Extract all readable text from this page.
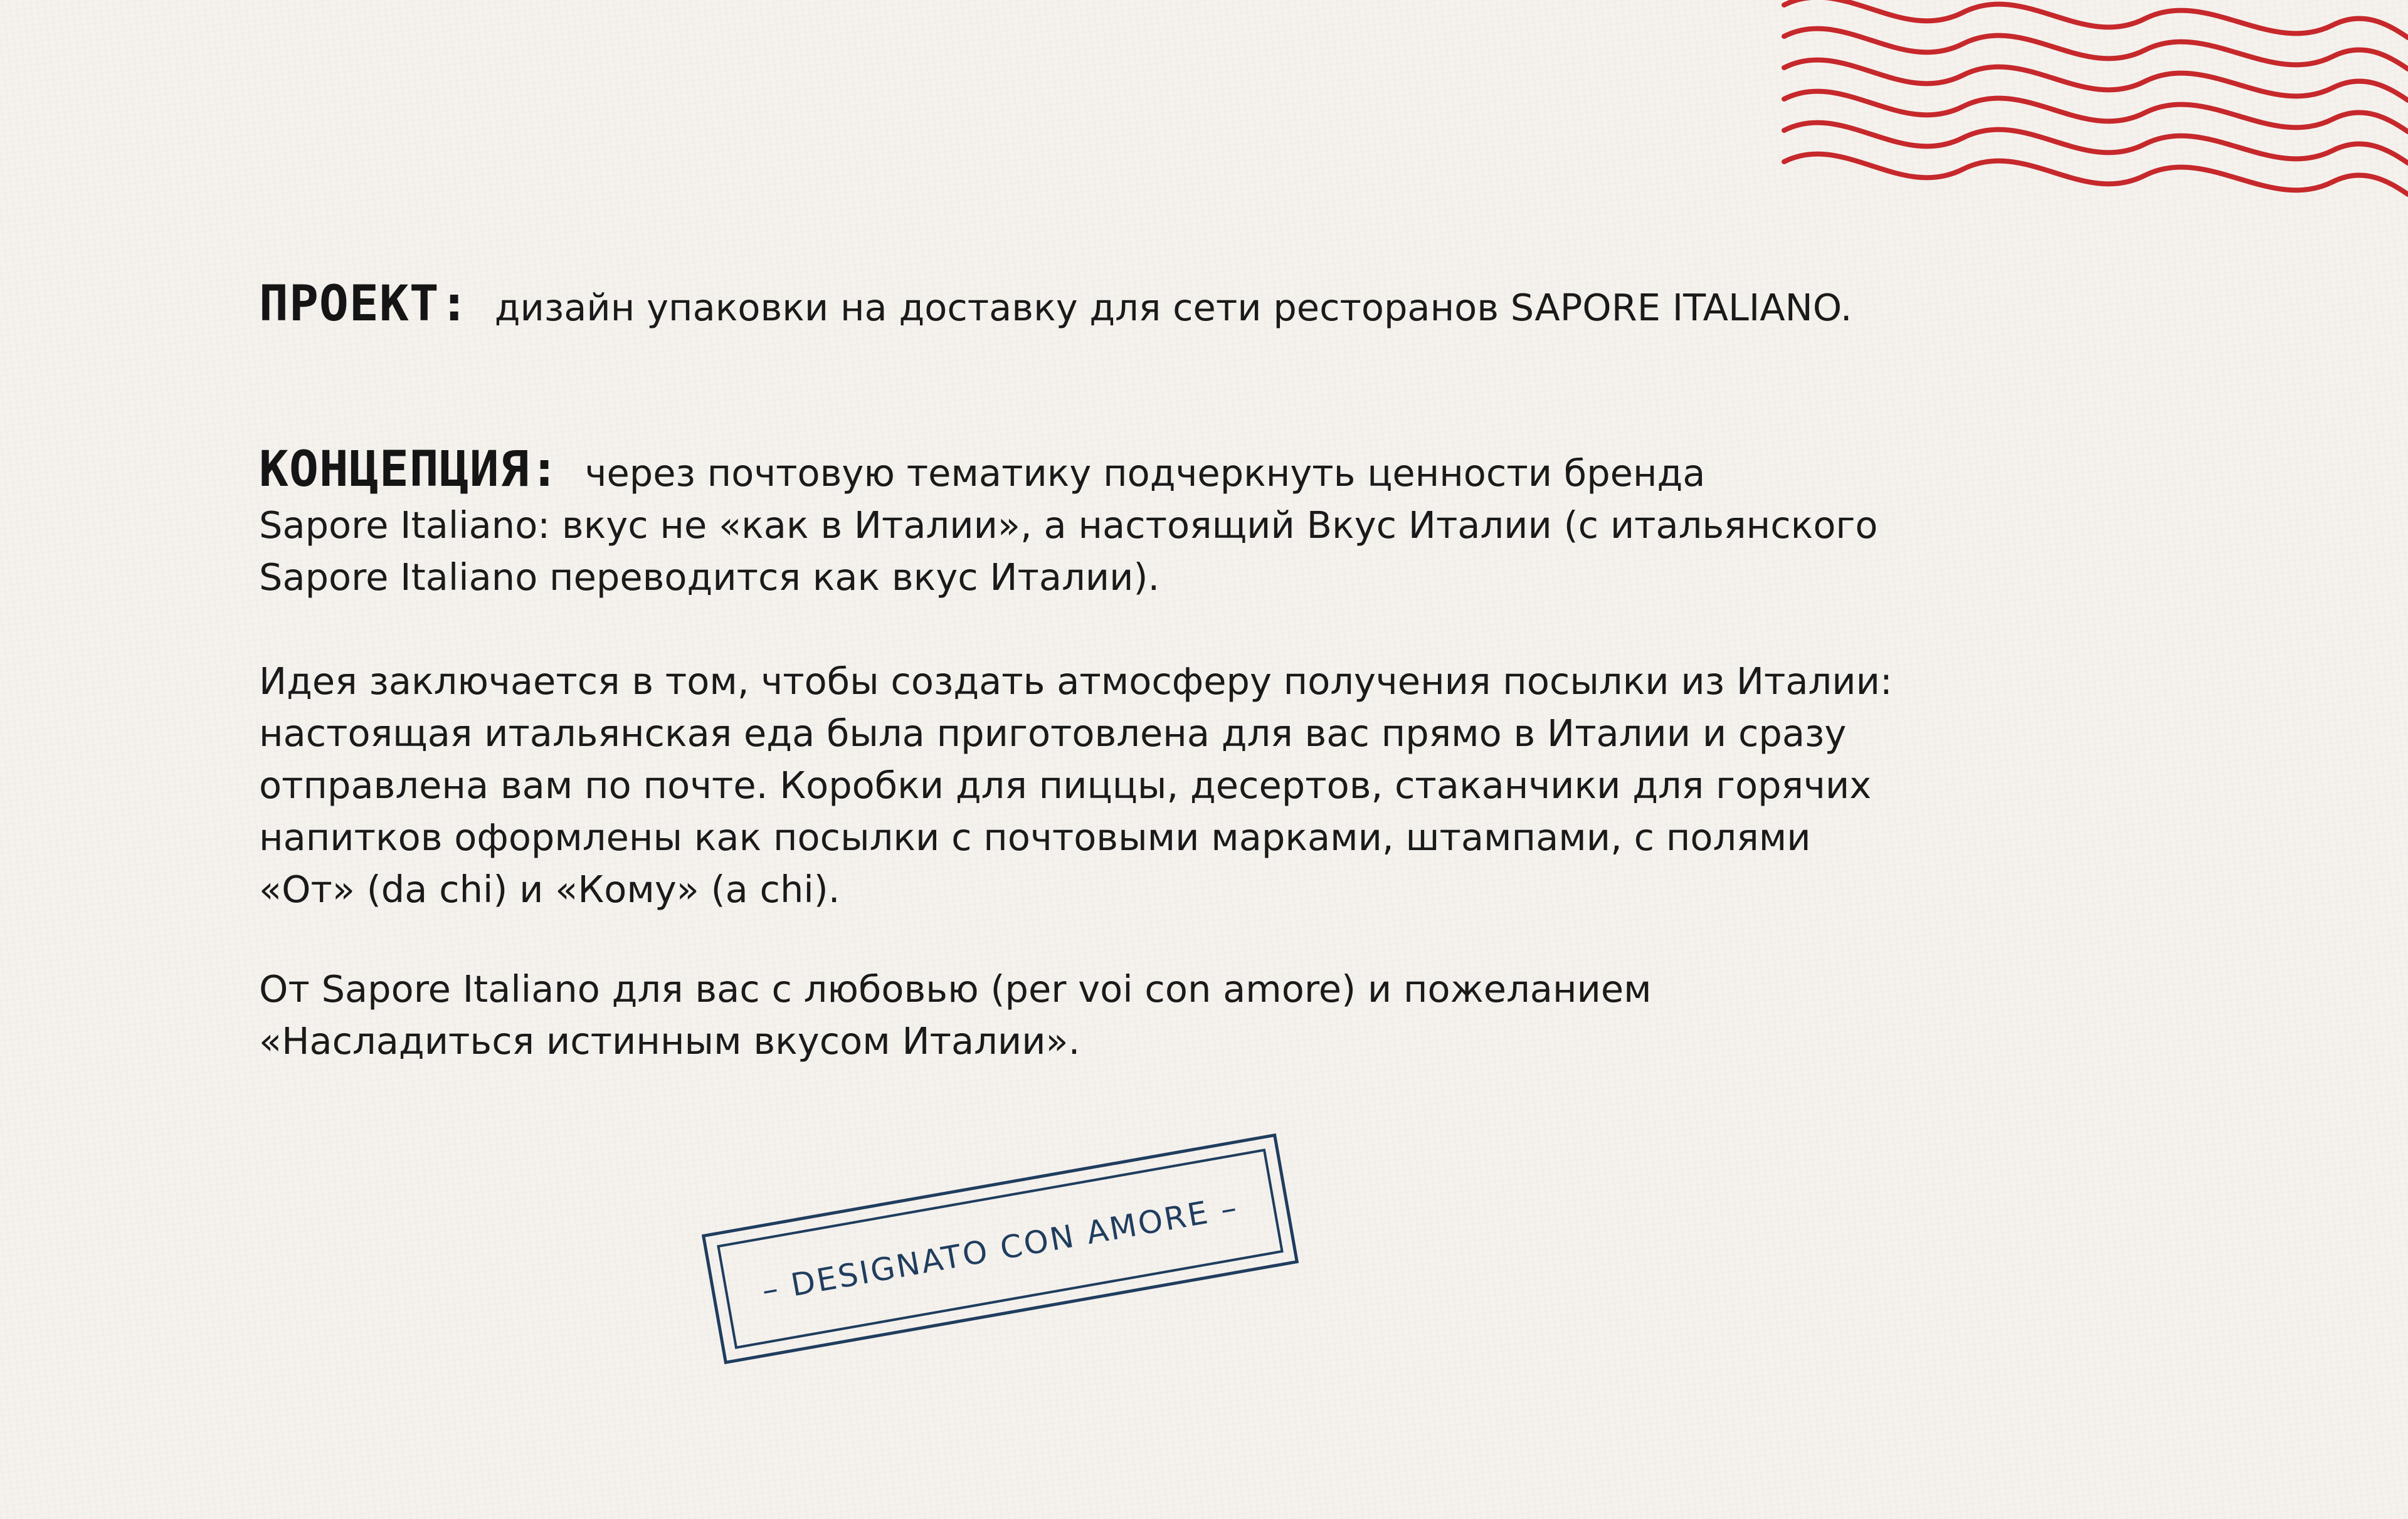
ПРОЕКТ: дизайн упаковки на доставку для сети ресторанов SAPORE ITALIANO.

КОНЦЕПЦИЯ: через почтовую тематику подчеркнуть ценности бренда

Sapore Italiano: вкус не «как в Италии», а настоящий Вкус Италии (с итальянского

Sapore Italiano переводится как вкус Италии).

Идея заключается в том, чтобы создать атмосферу получения посылки из Италии:

настоящая итальянская еда была приготовлена для вас прямо в Италии и сразу

отправлена вам по почте. Коробки для пиццы, десертов, стаканчики для горячих

напитков оформлены как посылки с почтовыми марками, штампами, с полями

«От» (da chi) и «Кому» (a chi).

От Sapore Italiano для вас с любовью (per voi con amore) и пожеланием

«Насладиться истинным вкусом Италии».

– DESIGNATO CON AMORE –
